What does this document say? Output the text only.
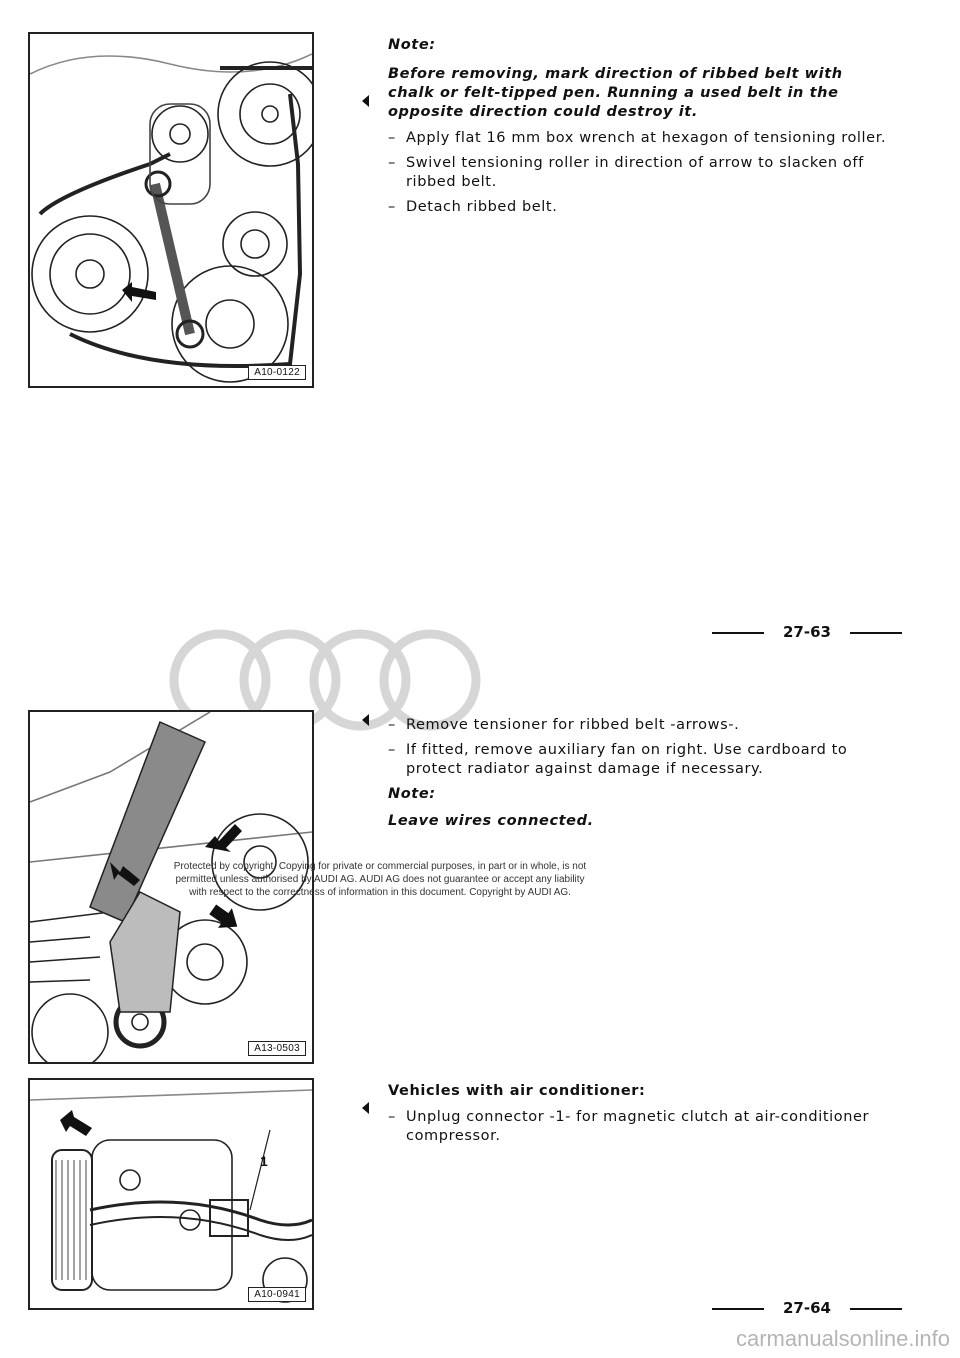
A10-0122

Note:

Before removing, mark direction of ribbed belt with chalk or felt-tipped pen. Running a used belt in the opposite direction could destroy it.

– Apply flat 16 mm box wrench at hexagon of tensioning roller.

– Swivel tensioning roller in direction of arrow to slacken off ribbed belt.

– Detach ribbed belt.

27-63
A13-0503

– Remove tensioner for ribbed belt -arrows-.

– If fitted, remove auxiliary fan on right. Use cardboard to protect radiator against damage if necessary.

Note:

Leave wires connected.

Protected by copyright. Copying for private or commercial purposes, in part or in whole, is not
permitted unless authorised by AUDI AG. AUDI AG does not guarantee or accept any liability
with respect to the correctness of information in this document. Copyright by AUDI AG.
1
A10-0941

Vehicles with air conditioner:

– Unplug connector -1- for magnetic clutch at air-conditioner compressor.

27-64
carmanualsonline.info
